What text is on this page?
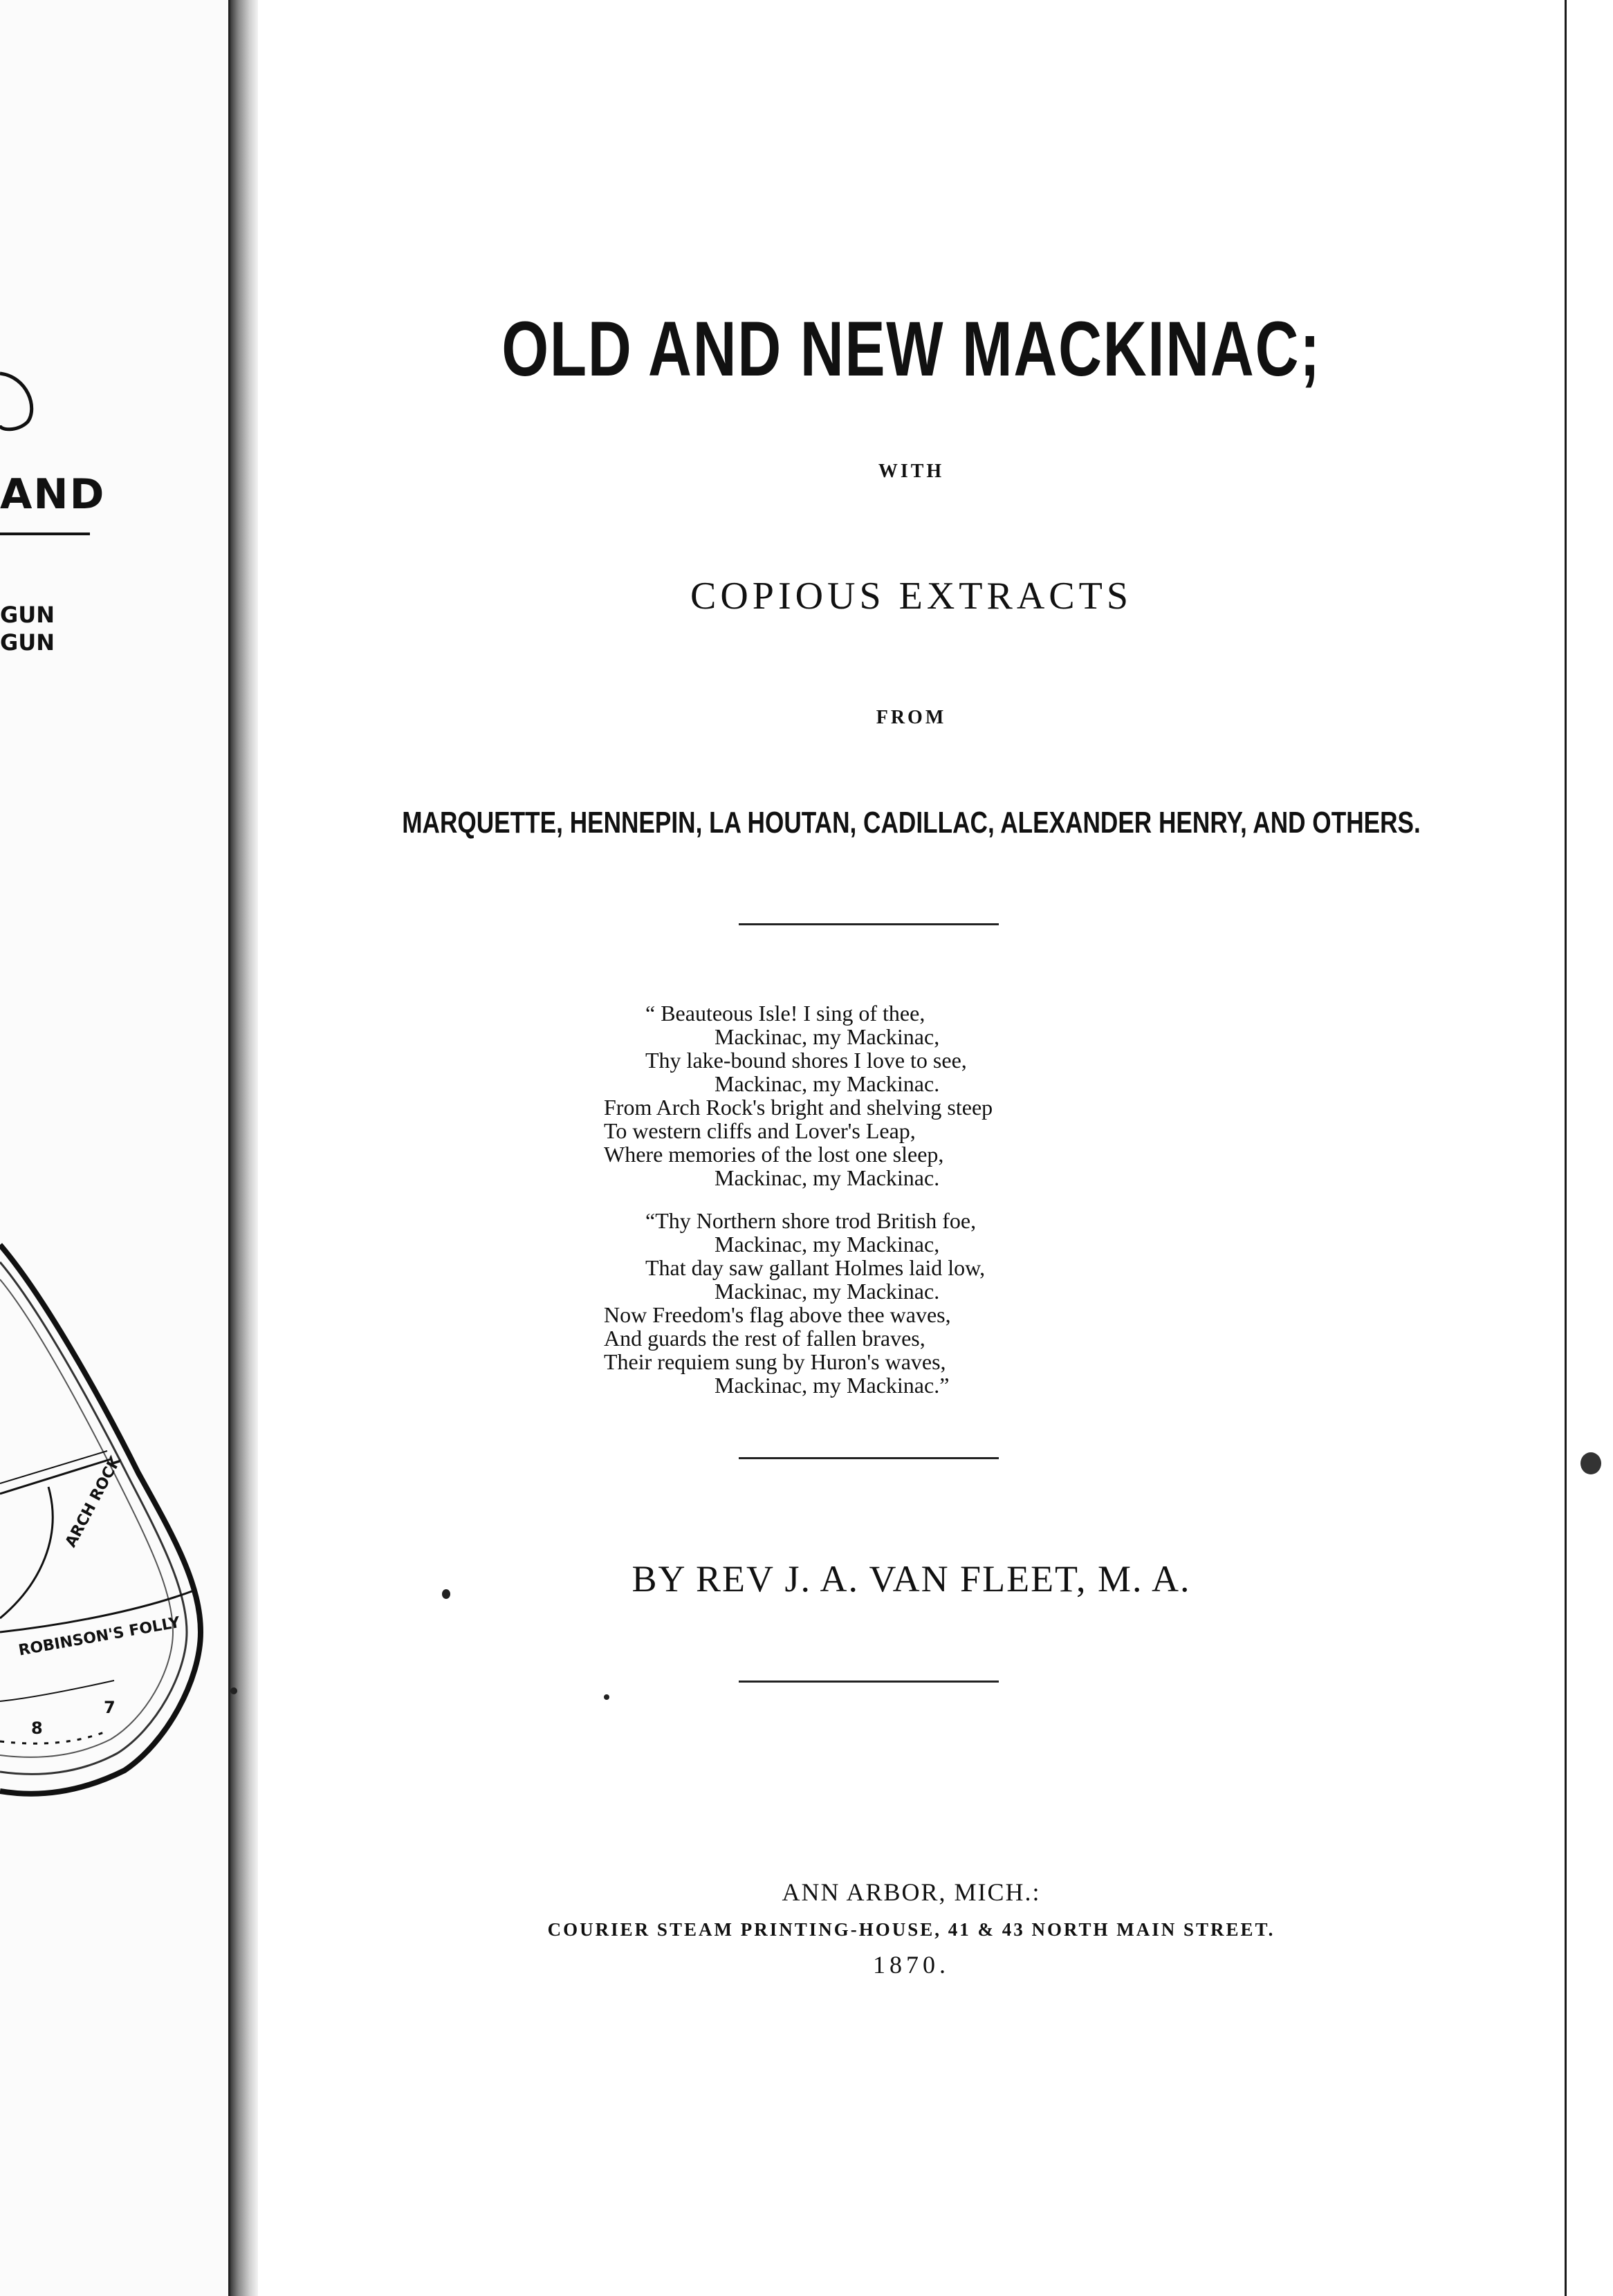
AND
GUN
GUN
ARCH ROCK
ROBINSON'S FOLLY
8
7
OLD AND NEW MACKINAC;
WITH
COPIOUS EXTRACTS
FROM
MARQUETTE, HENNEPIN, LA HOUTAN, CADILLAC, ALEXANDER HENRY, AND OTHERS.
“ Beauteous Isle! I sing of thee,
Mackinac, my Mackinac,
Thy lake-bound shores I love to see,
Mackinac, my Mackinac.
From Arch Rock's bright and shelving steep
To western cliffs and Lover's Leap,
Where memories of the lost one sleep,
Mackinac, my Mackinac.
“Thy Northern shore trod British foe,
Mackinac, my Mackinac,
That day saw gallant Holmes laid low,
Mackinac, my Mackinac.
Now Freedom's flag above thee waves,
And guards the rest of fallen braves,
Their requiem sung by Huron's waves,
Mackinac, my Mackinac.”
BY REV J. A. VAN FLEET, M. A.
ANN ARBOR, MICH.:
COURIER STEAM PRINTING-HOUSE, 41 & 43 NORTH MAIN STREET.
1870.
